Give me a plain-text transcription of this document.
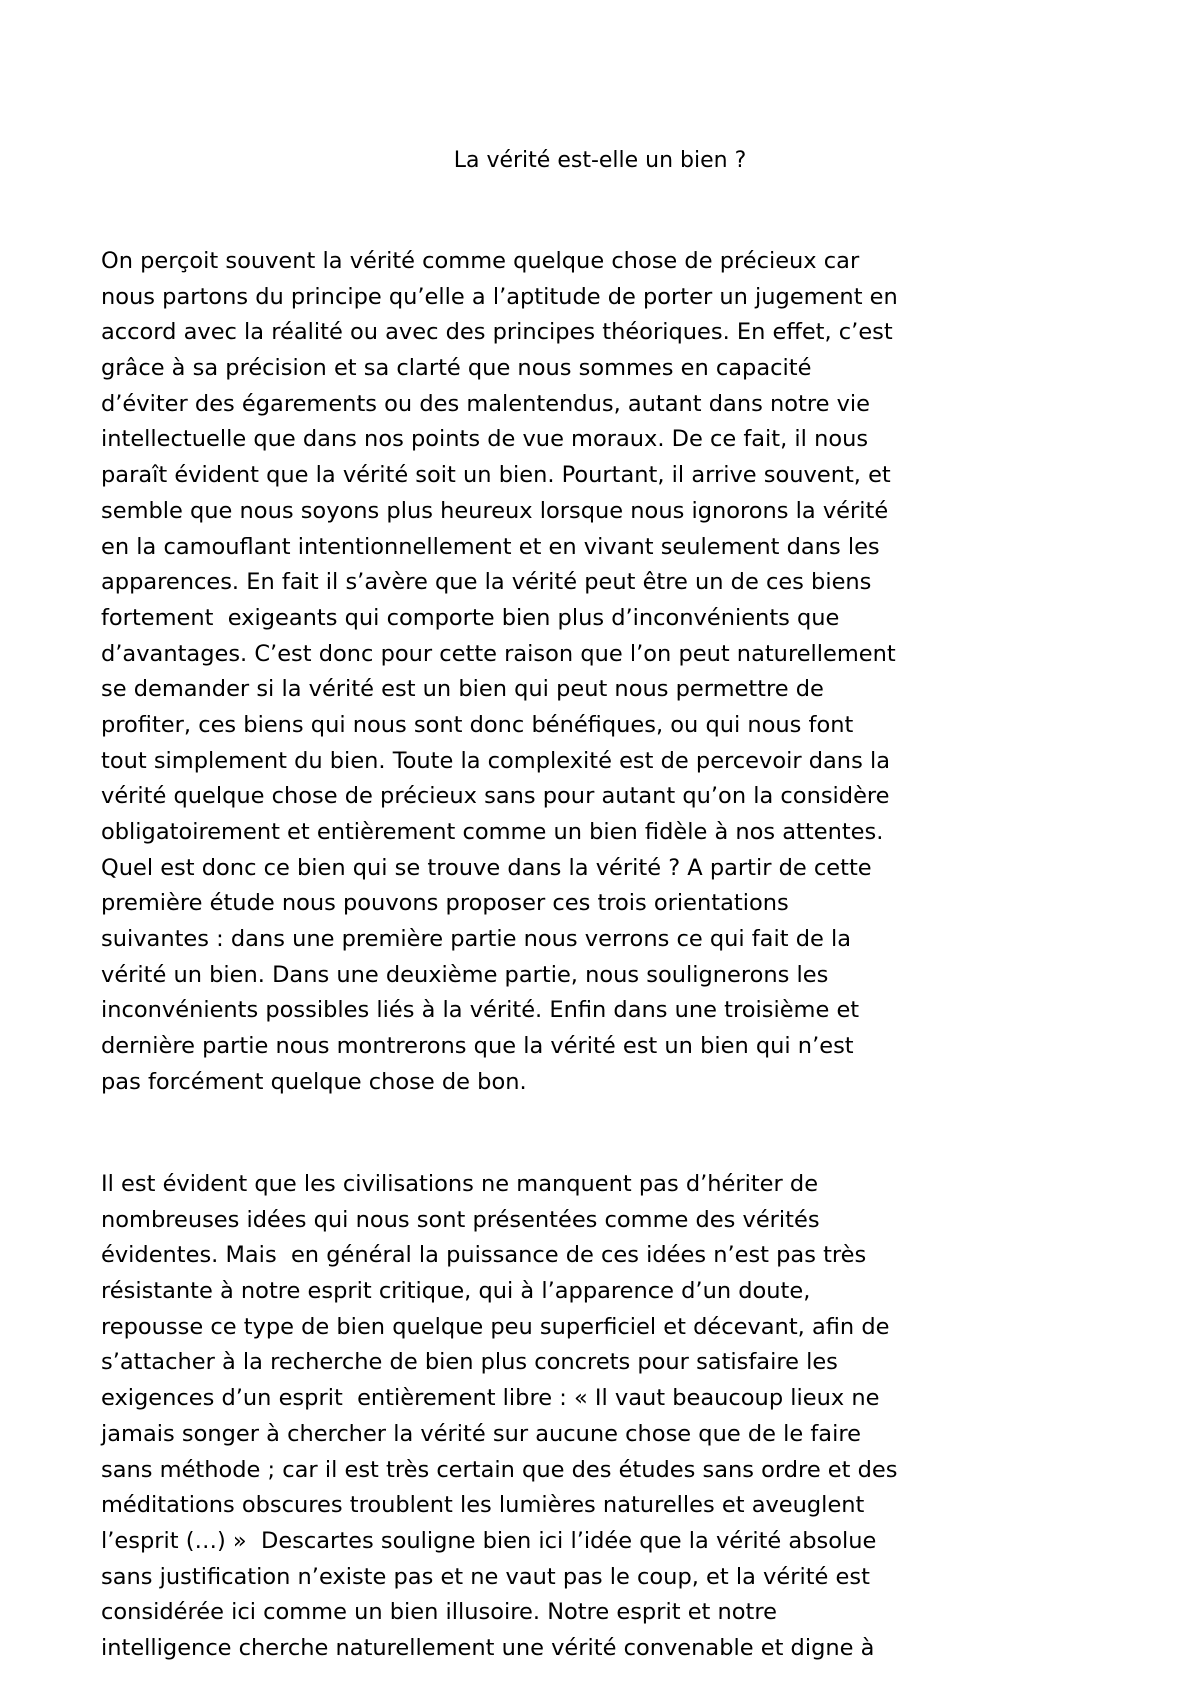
La vérité est-elle un bien ?
On perçoit souvent la vérité comme quelque chose de précieux car
nous partons du principe qu’elle a l’aptitude de porter un jugement en
accord avec la réalité ou avec des principes théoriques. En effet, c’est
grâce à sa précision et sa clarté que nous sommes en capacité
d’éviter des égarements ou des malentendus, autant dans notre vie
intellectuelle que dans nos points de vue moraux. De ce fait, il nous
paraît évident que la vérité soit un bien. Pourtant, il arrive souvent, et
semble que nous soyons plus heureux lorsque nous ignorons la vérité
en la camouflant intentionnellement et en vivant seulement dans les
apparences. En fait il s’avère que la vérité peut être un de ces biens
fortement  exigeants qui comporte bien plus d’inconvénients que
d’avantages. C’est donc pour cette raison que l’on peut naturellement
se demander si la vérité est un bien qui peut nous permettre de
profiter, ces biens qui nous sont donc bénéfiques, ou qui nous font
tout simplement du bien. Toute la complexité est de percevoir dans la
vérité quelque chose de précieux sans pour autant qu’on la considère
obligatoirement et entièrement comme un bien fidèle à nos attentes.
Quel est donc ce bien qui se trouve dans la vérité ? A partir de cette
première étude nous pouvons proposer ces trois orientations
suivantes : dans une première partie nous verrons ce qui fait de la
vérité un bien. Dans une deuxième partie, nous soulignerons les
inconvénients possibles liés à la vérité. Enfin dans une troisième et
dernière partie nous montrerons que la vérité est un bien qui n’est
pas forcément quelque chose de bon.
Il est évident que les civilisations ne manquent pas d’hériter de
nombreuses idées qui nous sont présentées comme des vérités
évidentes. Mais  en général la puissance de ces idées n’est pas très
résistante à notre esprit critique, qui à l’apparence d’un doute,
repousse ce type de bien quelque peu superficiel et décevant, afin de
s’attacher à la recherche de bien plus concrets pour satisfaire les
exigences d’un esprit  entièrement libre : « Il vaut beaucoup lieux ne
jamais songer à chercher la vérité sur aucune chose que de le faire
sans méthode ; car il est très certain que des études sans ordre et des
méditations obscures troublent les lumières naturelles et aveuglent
l’esprit (…) »  Descartes souligne bien ici l’idée que la vérité absolue
sans justification n’existe pas et ne vaut pas le coup, et la vérité est
considérée ici comme un bien illusoire. Notre esprit et notre
intelligence cherche naturellement une vérité convenable et digne à
